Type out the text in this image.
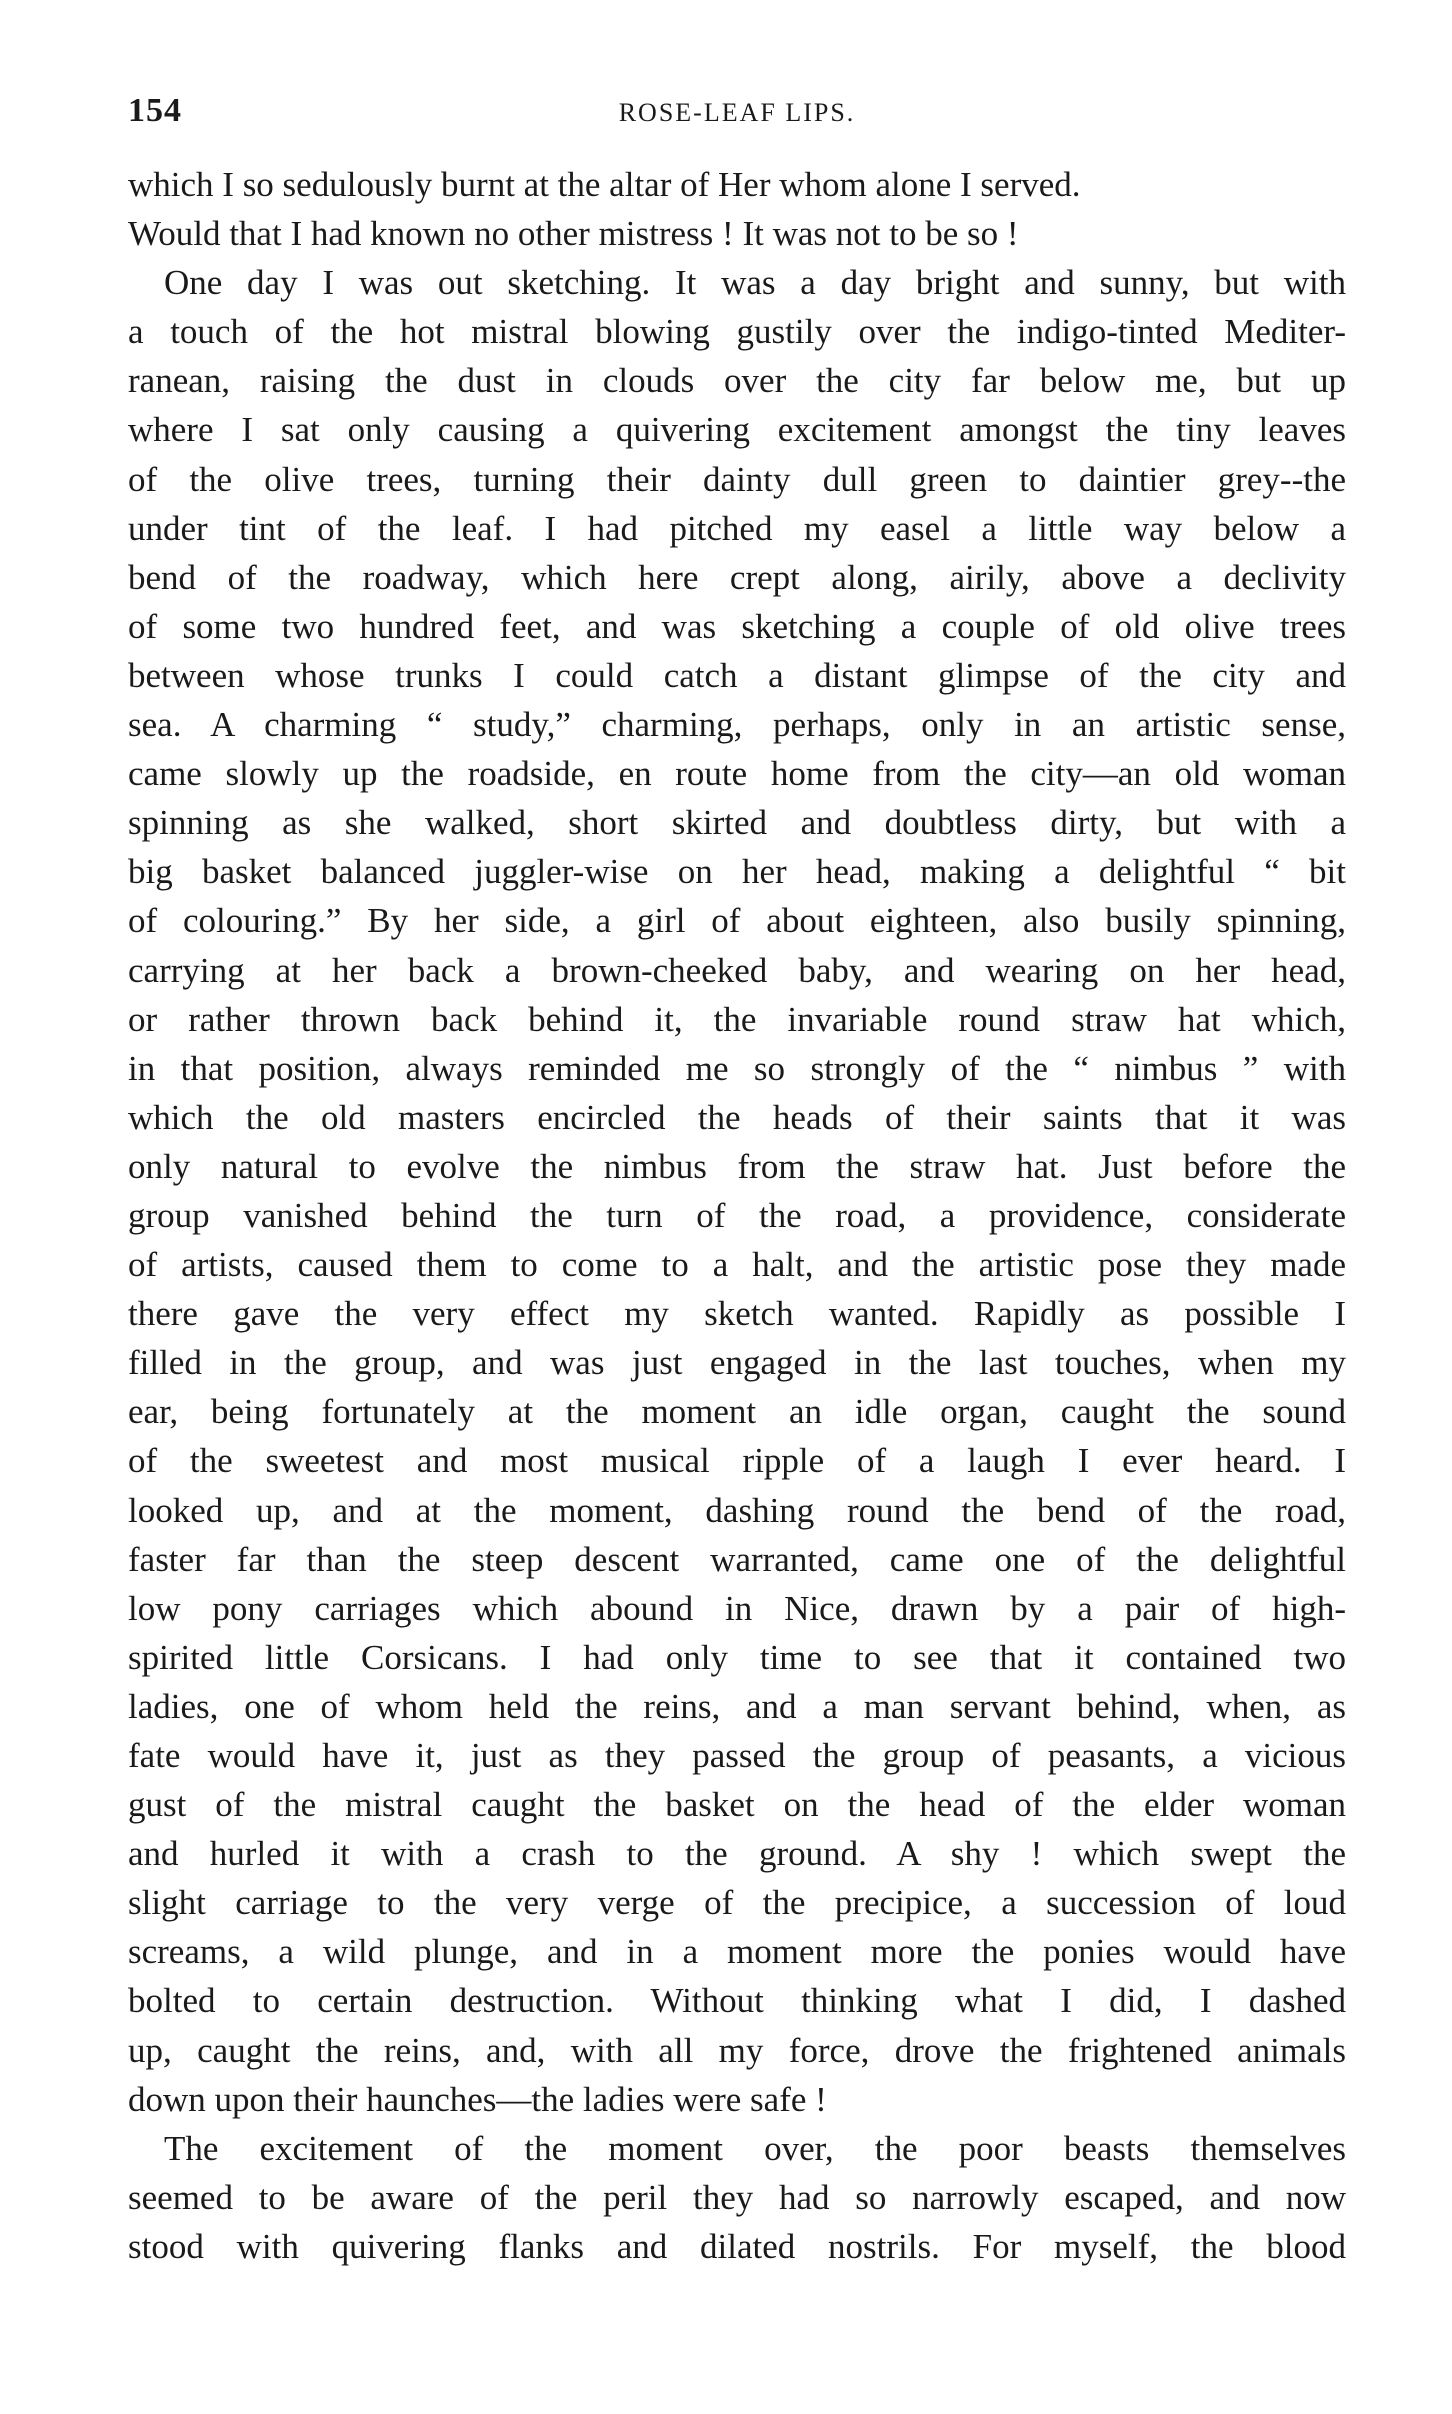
154	ROSE-LEAF LIPS.
which I so sedulously burnt at the altar of Her whom alone I served.
Would that I had known no other mistress ! It was not to be so !
One day I was out sketching. It was a day bright and sunny, but with
a touch of the hot mistral blowing gustily over the indigo-tinted Mediter-
ranean, raising the dust in clouds over the city far below me, but up
where I sat only causing a quivering excitement amongst the tiny leaves
of the olive trees, turning their dainty dull green to daintier grey--the
under tint of the leaf. I had pitched my easel a little way below a
bend of the roadway, which here crept along, airily, above a declivity
of some two hundred feet, and was sketching a couple of old olive trees
between whose trunks I could catch a distant glimpse of the city and
sea. A charming “ study,” charming, perhaps, only in an artistic sense,
came slowly up the roadside, en route home from the city—an old woman
spinning as she walked, short skirted and doubtless dirty, but with a
big basket balanced juggler-wise on her head, making a delightful “ bit
of colouring.” By her side, a girl of about eighteen, also busily spinning,
carrying at her back a brown-cheeked baby, and wearing on her head,
or rather thrown back behind it, the invariable round straw hat which,
in that position, always reminded me so strongly of the “ nimbus ” with
which the old masters encircled the heads of their saints that it was
only natural to evolve the nimbus from the straw hat. Just before the
group vanished behind the turn of the road, a providence, considerate
of artists, caused them to come to a halt, and the artistic pose they made
there gave the very effect my sketch wanted. Rapidly as possible I
filled in the group, and was just engaged in the last touches, when my
ear, being fortunately at the moment an idle organ, caught the sound
of the sweetest and most musical ripple of a laugh I ever heard. I
looked up, and at the moment, dashing round the bend of the road,
faster far than the steep descent warranted, came one of the delightful
low pony carriages which abound in Nice, drawn by a pair of high-
spirited little Corsicans. I had only time to see that it contained two
ladies, one of whom held the reins, and a man servant behind, when, as
fate would have it, just as they passed the group of peasants, a vicious
gust of the mistral caught the basket on the head of the elder woman
and hurled it with a crash to the ground. A shy ! which swept the
slight carriage to the very verge of the precipice, a succession of loud
screams, a wild plunge, and in a moment more the ponies would have
bolted to certain destruction. Without thinking what I did, I dashed
up, caught the reins, and, with all my force, drove the frightened animals
down upon their haunches—the ladies were safe !
The excitement of the moment over, the poor beasts themselves
seemed to be aware of the peril they had so narrowly escaped, and now
stood with quivering flanks and dilated nostrils. For myself, the blood
